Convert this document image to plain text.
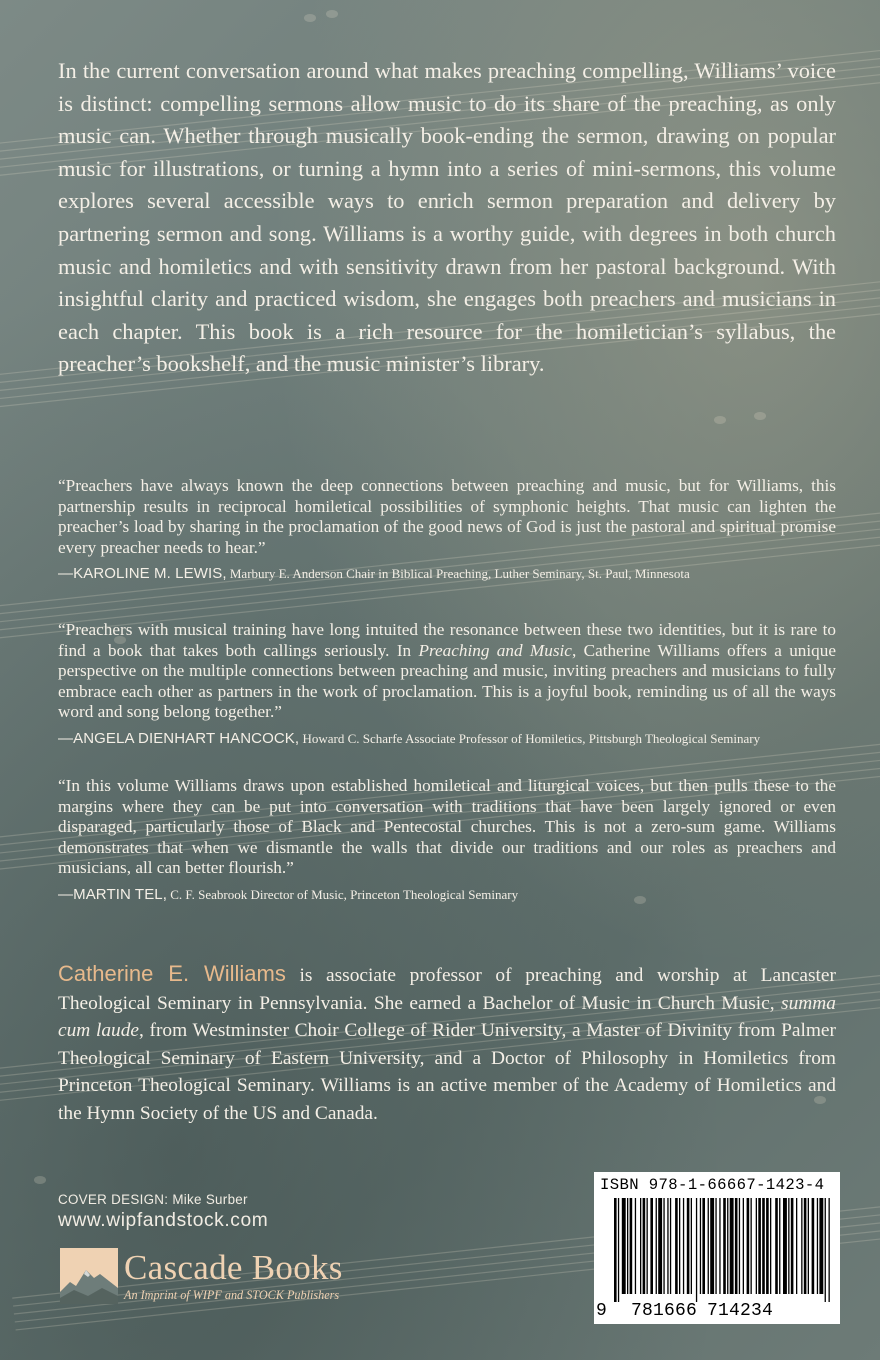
In the current conversation around what makes preaching compelling, Williams’ voice is distinct: compelling sermons allow music to do its share of the preaching, as only music can. Whether through musically book-ending the sermon, drawing on popular music for illustrations, or turning a hymn into a series of mini-sermons, this volume explores several accessible ways to enrich sermon preparation and delivery by partnering sermon and song. Williams is a worthy guide, with degrees in both church music and homiletics and with sensitivity drawn from her pastoral background. With insightful clarity and practiced wisdom, she engages both preachers and musicians in each chapter. This book is a rich resource for the homiletician’s syllabus, the preacher’s bookshelf, and the music minister’s library.

“Preachers have always known the deep connections between preaching and music, but for Williams, this partnership results in reciprocal homiletical possibilities of symphonic heights. That music can lighten the preacher’s load by sharing in the proclamation of the good news of God is just the pastoral and spiritual promise every preacher needs to hear.”

—KAROLINE M. LEWIS, Marbury E. Anderson Chair in Biblical Preaching, Luther Seminary, St. Paul, Minnesota

“Preachers with musical training have long intuited the resonance between these two identities, but it is rare to find a book that takes both callings seriously. In Preaching and Music, Catherine Williams offers a unique perspective on the multiple connections between preaching and music, inviting preachers and musicians to fully embrace each other as partners in the work of proclamation. This is a joyful book, reminding us of all the ways word and song belong together.”

—ANGELA DIENHART HANCOCK, Howard C. Scharfe Associate Professor of Homiletics, Pittsburgh Theological Seminary

“In this volume Williams draws upon established homiletical and liturgical voices, but then pulls these to the margins where they can be put into conversation with traditions that have been largely ignored or even disparaged, particularly those of Black and Pentecostal churches. This is not a zero-sum game. Williams demonstrates that when we dismantle the walls that divide our traditions and our roles as preachers and musicians, all can better flourish.”

—MARTIN TEL, C. F. Seabrook Director of Music, Princeton Theological Seminary

Catherine E. Williams is associate professor of preaching and worship at Lancaster Theological Seminary in Pennsylvania. She earned a Bachelor of Music in Church Music, summa cum laude, from Westminster Choir College of Rider University, a Master of Divinity from Palmer Theological Seminary of Eastern University, and a Doctor of Philosophy in Homiletics from Princeton Theological Seminary. Williams is an active member of the Academy of Homiletics and the Hymn Society of the US and Canada.

COVER DESIGN: Mike Surber
www.wipfandstock.com
Cascade Books
An Imprint of WIPF and STOCK Publishers
ISBN 978-1-66667-1423-4
9 781666 714234
